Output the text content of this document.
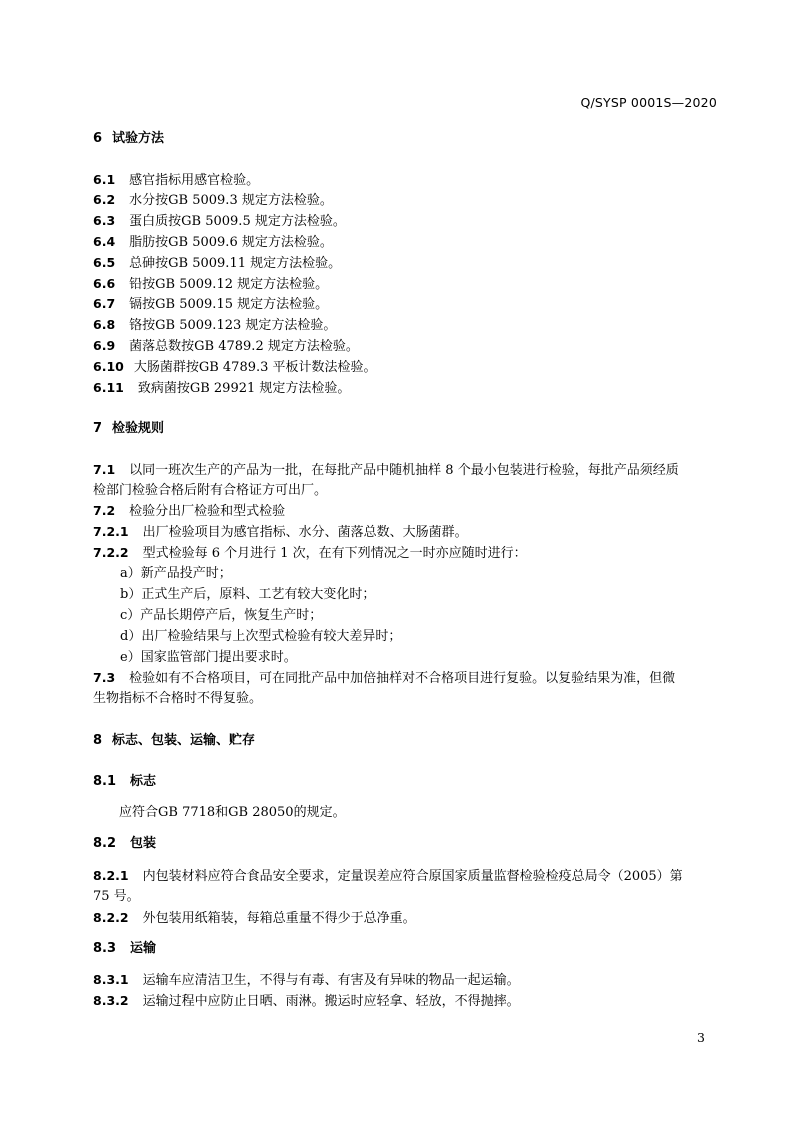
Q/SYSP 0001S—2020
6 试验方法
6.1 感官指标用感官检验。
6.2 水分按GB 5009.3 规定方法检验。
6.3 蛋白质按GB 5009.5 规定方法检验。
6.4 脂肪按GB 5009.6 规定方法检验。
6.5 总砷按GB 5009.11 规定方法检验。
6.6 铅按GB 5009.12 规定方法检验。
6.7 镉按GB 5009.15 规定方法检验。
6.8 铬按GB 5009.123 规定方法检验。
6.9 菌落总数按GB 4789.2 规定方法检验。
6.10 大肠菌群按GB 4789.3 平板计数法检验。
6.11 致病菌按GB 29921 规定方法检验。
7 检验规则
7.1 以同一班次生产的产品为一批，在每批产品中随机抽样 8 个最小包装进行检验，每批产品须经质
检部门检验合格后附有合格证方可出厂。
7.2 检验分出厂检验和型式检验
7.2.1 出厂检验项目为感官指标、水分、菌落总数、大肠菌群。
7.2.2 型式检验每 6 个月进行 1 次，在有下列情况之一时亦应随时进行：
a）新产品投产时；
b）正式生产后，原料、工艺有较大变化时；
c）产品长期停产后，恢复生产时；
d）出厂检验结果与上次型式检验有较大差异时；
e）国家监管部门提出要求时。
7.3 检验如有不合格项目，可在同批产品中加倍抽样对不合格项目进行复验。以复验结果为准，但微
生物指标不合格时不得复验。
8 标志、包装、运输、贮存
8.1 标志
应符合GB 7718和GB 28050的规定。
8.2 包装
8.2.1 内包装材料应符合食品安全要求，定量误差应符合原国家质量监督检验检疫总局令（2005）第
75 号。
8.2.2 外包装用纸箱装，每箱总重量不得少于总净重。
8.3 运输
8.3.1 运输车应清洁卫生，不得与有毒、有害及有异味的物品一起运输。
8.3.2 运输过程中应防止日晒、雨淋。搬运时应轻拿、轻放，不得抛摔。
3
